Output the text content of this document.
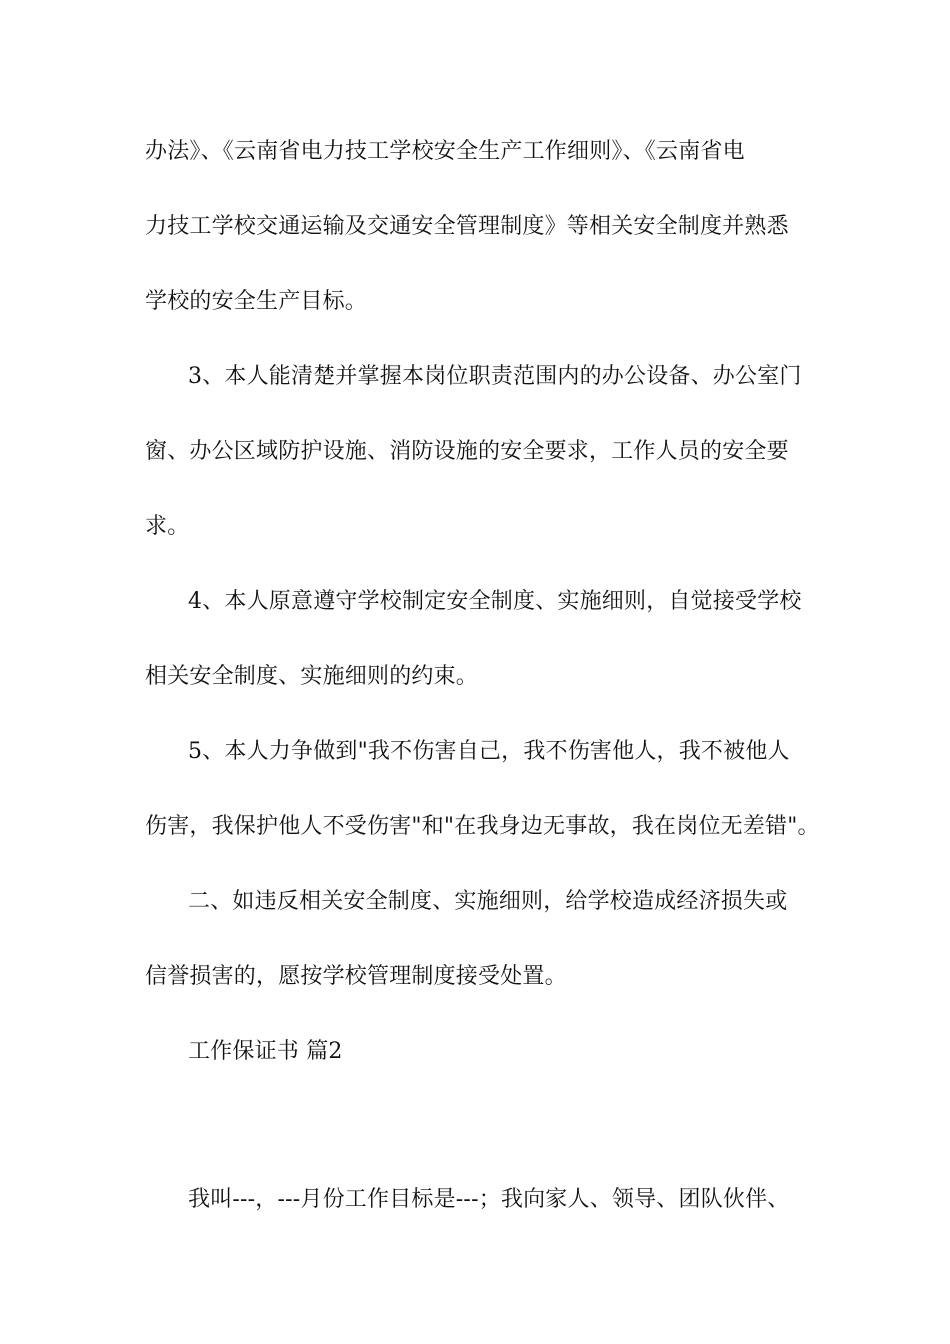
办法》、《云南省电力技工学校安全生产工作细则》、《云南省电
力技工学校交通运输及交通安全管理制度》等相关安全制度并熟悉
学校的安全生产目标。
3、本人能清楚并掌握本岗位职责范围内的办公设备、办公室门
窗、办公区域防护设施、消防设施的安全要求，工作人员的安全要
求。
4、本人原意遵守学校制定安全制度、实施细则，自觉接受学校
相关安全制度、实施细则的约束。
5、本人力争做到"我不伤害自己，我不伤害他人，我不被他人
伤害，我保护他人不受伤害"和"在我身边无事故，我在岗位无差错"。
二、如违反相关安全制度、实施细则，给学校造成经济损失或
信誉损害的，愿按学校管理制度接受处置。
工作保证书 篇2
我叫---，---月份工作目标是---；我向家人、领导、团队伙伴、
